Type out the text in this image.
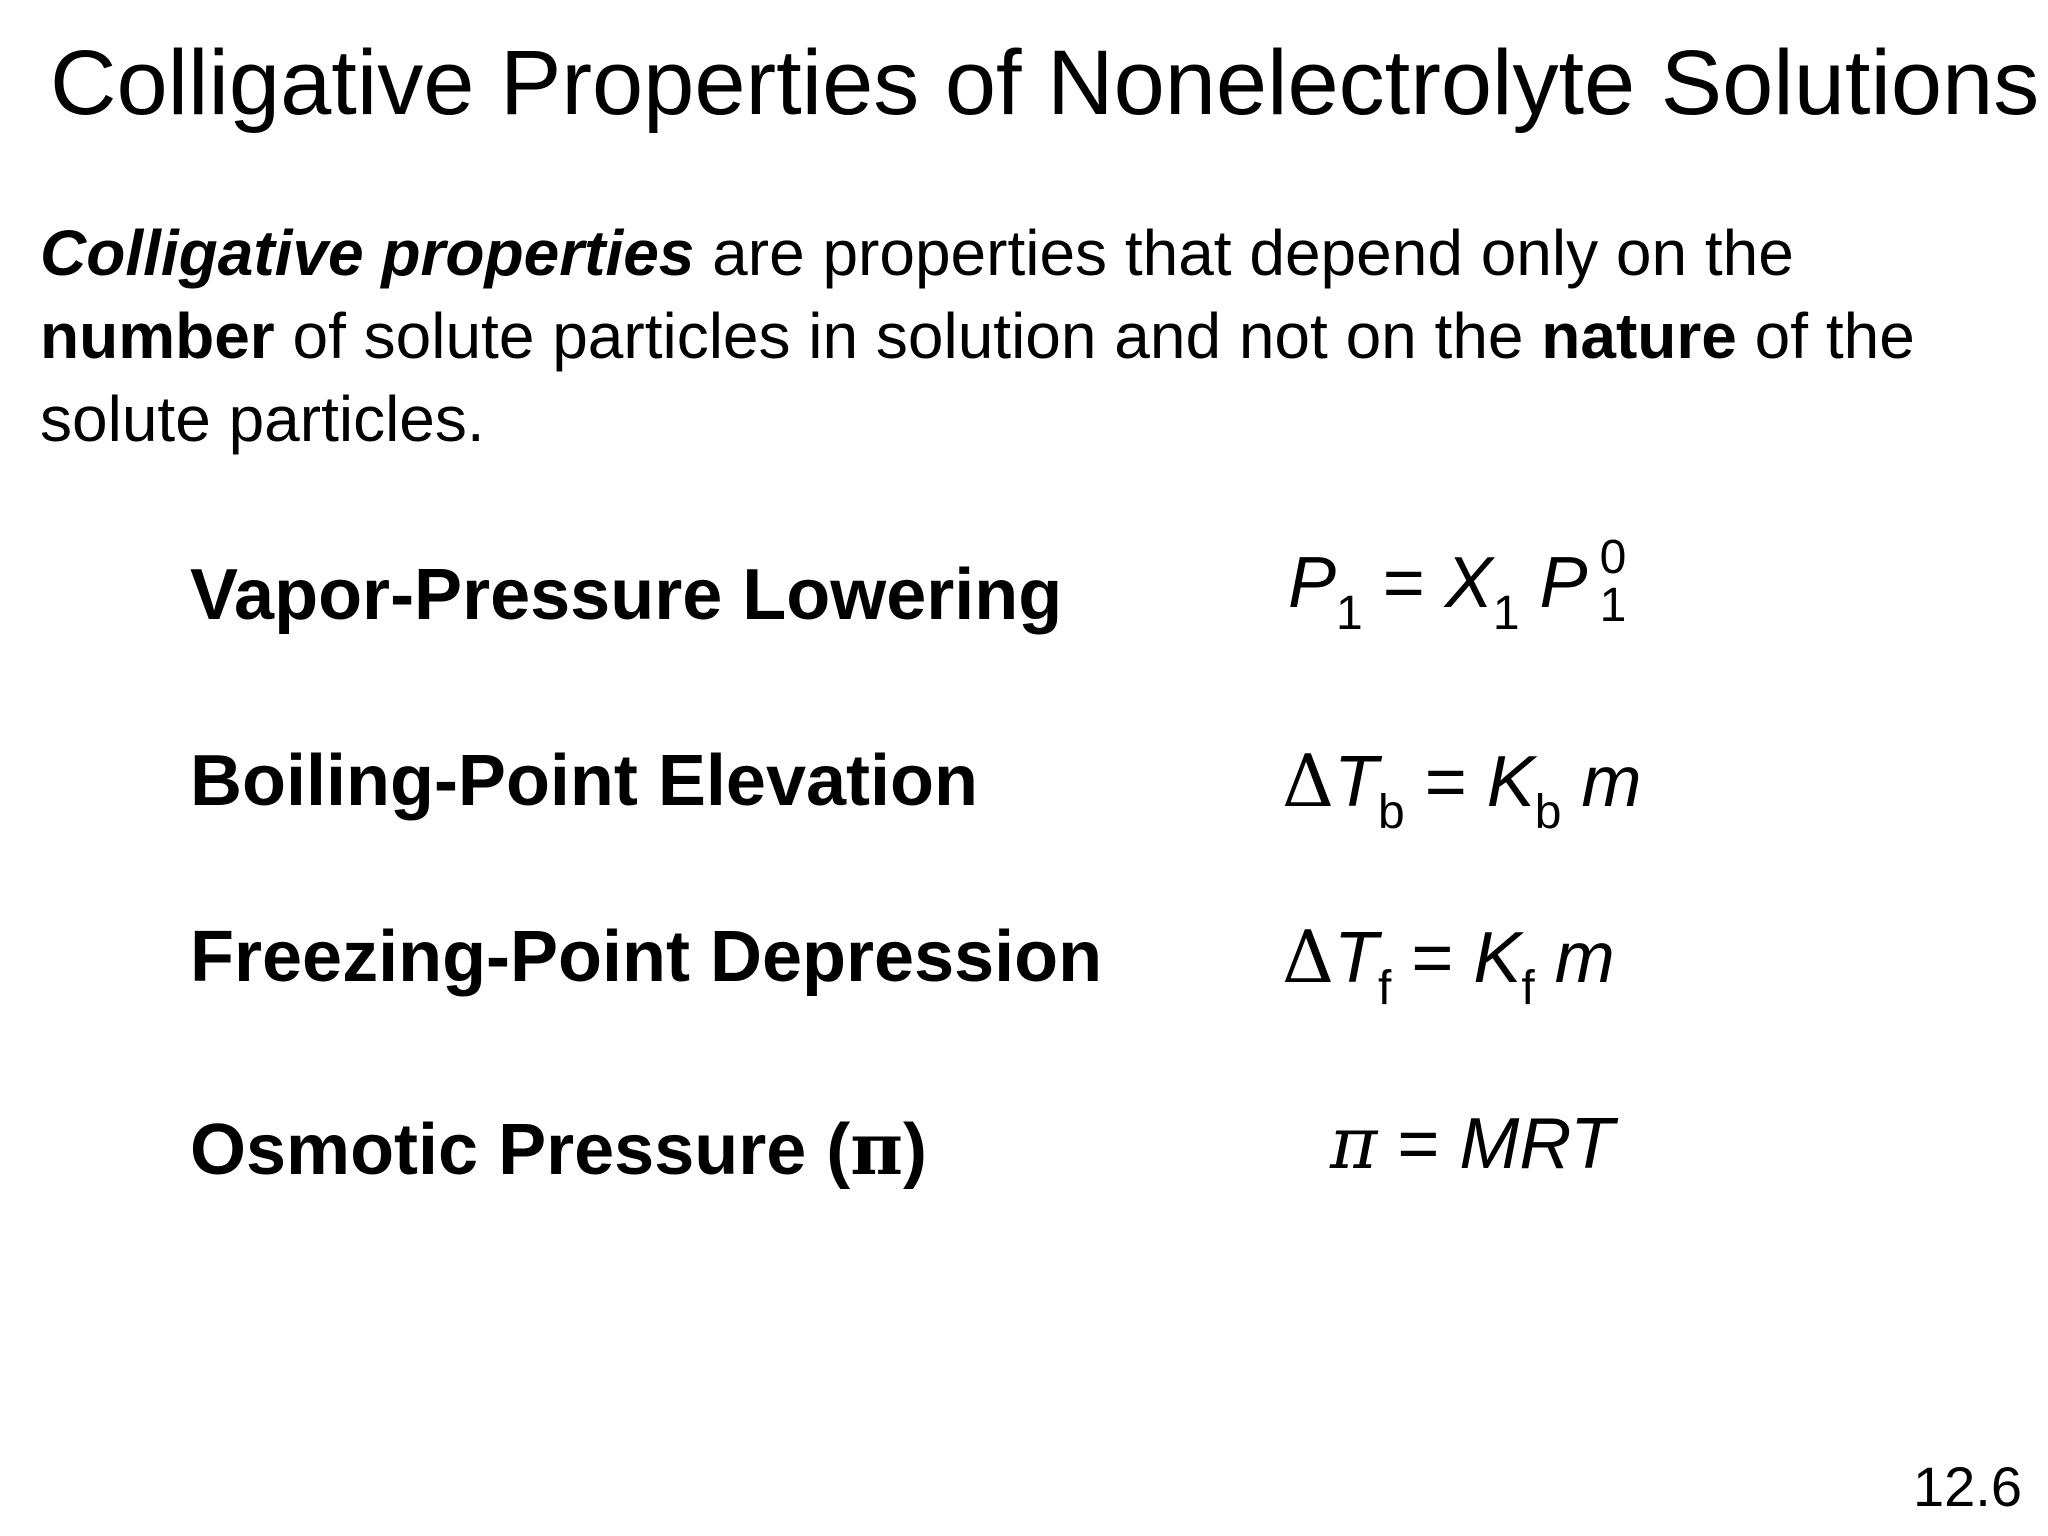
Colligative Properties of Nonelectrolyte Solutions

Colligative properties are properties that depend only on the number of solute particles in solution and not on the nature of the solute particles.

Vapor-Pressure Lowering	$P_1 = X_1$ P 0
1
Boiling-Point Elevation	$\Delta T_b = K_b$ m
Freezing-Point Depression $\Delta T_f = K_f$ m
Osmotic Pressure (π)	π = MRT
12.6
